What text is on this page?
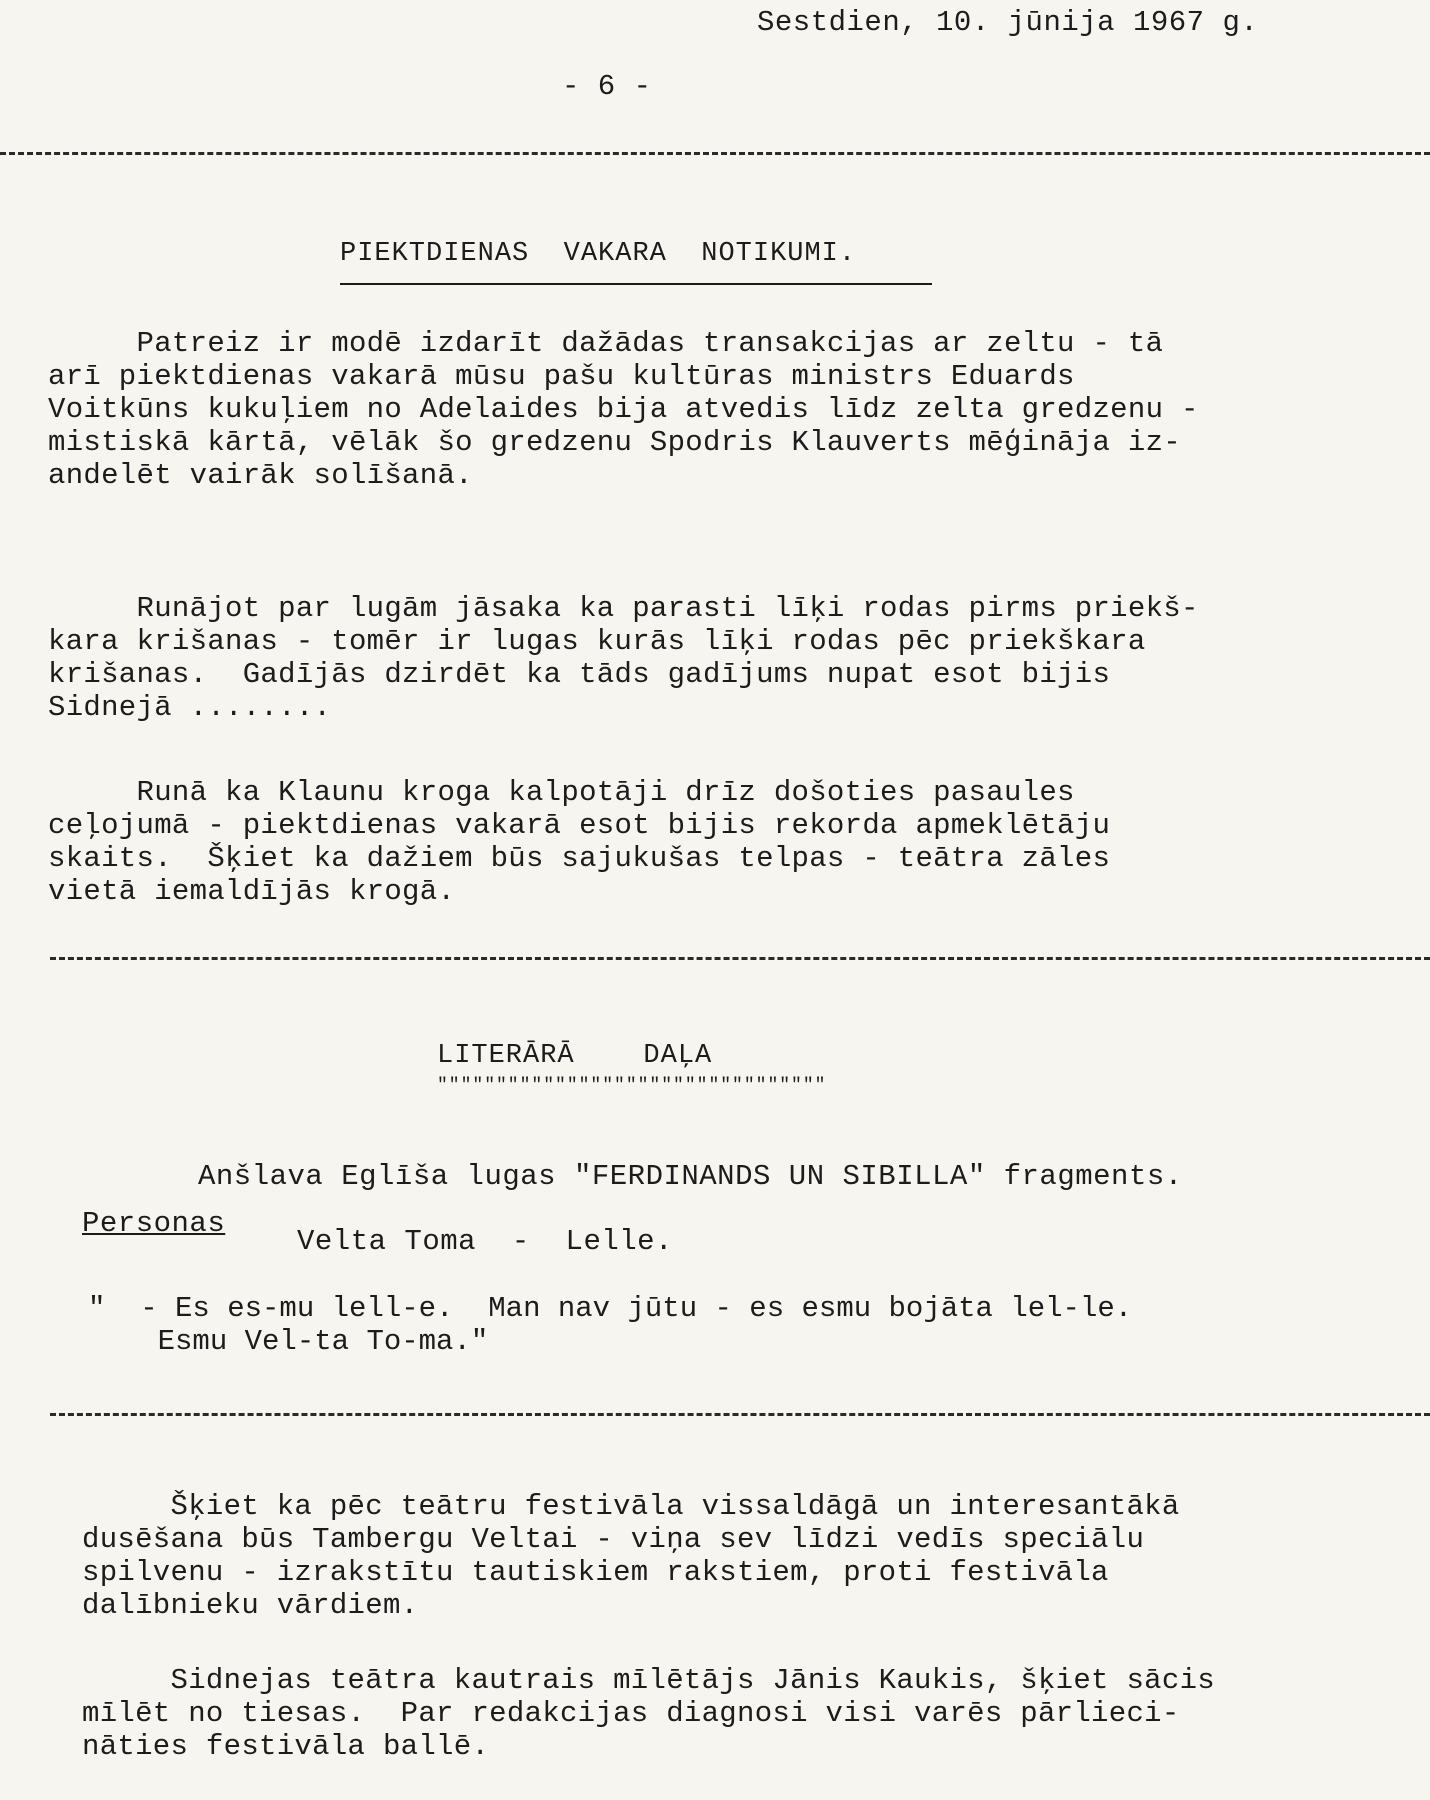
Sestdien, 10. jūnija 1967 g.
- 6 -
PIEKTDIENAS  VAKARA  NOTIKUMI.
Patreiz ir modē izdarīt dažādas transakcijas ar zeltu - tā
arī piektdienas vakarā mūsu pašu kultūras ministrs Eduards
Voitkūns kukuļiem no Adelaides bija atvedis līdz zelta gredzenu -
mistiskā kārtā, vēlāk šo gredzenu Spodris Klauverts mēģināja iz-
andelēt vairāk solīšanā.
Runājot par lugām jāsaka ka parasti līķi rodas pirms priekš-
kara krišanas - tomēr ir lugas kurās līķi rodas pēc priekškara
krišanas.  Gadījās dzirdēt ka tāds gadījums nupat esot bijis
Sidnejā ........
Runā ka Klaunu kroga kalpotāji drīz došoties pasaules
ceļojumā - piektdienas vakarā esot bijis rekorda apmeklētāju
skaits.  Šķiet ka dažiem būs sajukušas telpas - teātra zāles
vietā iemaldījās krogā.
LITERĀRĀ    DAĻA
"""""""""""""""""""""""""""""""""
Anšlava Eglīša lugas "FERDINANDS UN SIBILLA" fragments.
Personas
Velta Toma  -  Lelle.
"  - Es es-mu lell-e.  Man nav jūtu - es esmu bojāta lel-le.
Esmu Vel-ta To-ma."
Šķiet ka pēc teātru festivāla vissaldāgā un interesantākā
dusēšana būs Tambergu Veltai - viņa sev līdzi vedīs speciālu
spilvenu - izrakstītu tautiskiem rakstiem, proti festivāla
dalībnieku vārdiem.
Sidnejas teātra kautrais mīlētājs Jānis Kaukis, šķiet sācis
mīlēt no tiesas.  Par redakcijas diagnosi visi varēs pārlieci-
nāties festivāla ballē.
